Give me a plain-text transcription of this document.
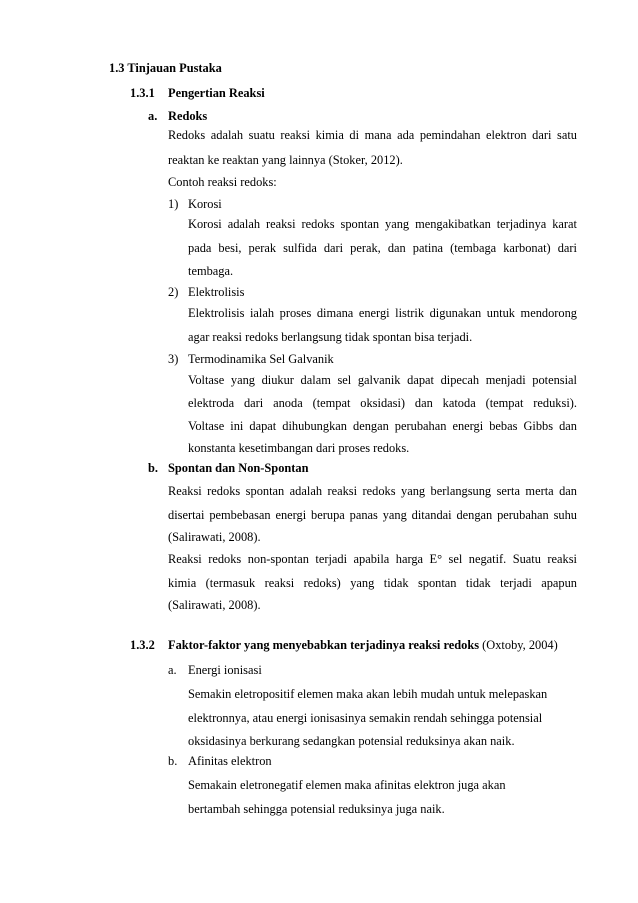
1.3 Tinjauan Pustaka
1.3.1 Pengertian Reaksi
a. Redoks
Redoks adalah suatu reaksi kimia di mana ada pemindahan elektron dari satu
reaktan ke reaktan yang lainnya (Stoker, 2012).
Contoh reaksi redoks:
1) Korosi
Korosi adalah reaksi redoks spontan yang mengakibatkan terjadinya karat
pada besi, perak sulfida dari perak, dan patina (tembaga karbonat) dari
tembaga.
2) Elektrolisis
Elektrolisis ialah proses dimana energi listrik digunakan untuk mendorong
agar reaksi redoks berlangsung tidak spontan bisa terjadi.
3) Termodinamika Sel Galvanik
Voltase yang diukur dalam sel galvanik dapat dipecah menjadi potensial
elektroda dari anoda (tempat oksidasi) dan katoda (tempat reduksi).
Voltase ini dapat dihubungkan dengan perubahan energi bebas Gibbs dan
konstanta kesetimbangan dari proses redoks.
b. Spontan dan Non-Spontan
Reaksi redoks spontan adalah reaksi redoks yang berlangsung serta merta dan
disertai pembebasan energi berupa panas yang ditandai dengan perubahan suhu
(Salirawati, 2008).
Reaksi redoks non-spontan terjadi apabila harga E° sel negatif. Suatu reaksi
kimia (termasuk reaksi redoks) yang tidak spontan tidak terjadi apapun
(Salirawati, 2008).
1.3.2 Faktor-faktor yang menyebabkan terjadinya reaksi redoks (Oxtoby, 2004)
a. Energi ionisasi
Semakin eletropositif elemen maka akan lebih mudah untuk melepaskan
elektronnya, atau energi ionisasinya semakin rendah sehingga potensial
oksidasinya berkurang sedangkan potensial reduksinya akan naik.
b. Afinitas elektron
Semakain eletronegatif elemen maka afinitas elektron juga akan
bertambah sehingga potensial reduksinya juga naik.
